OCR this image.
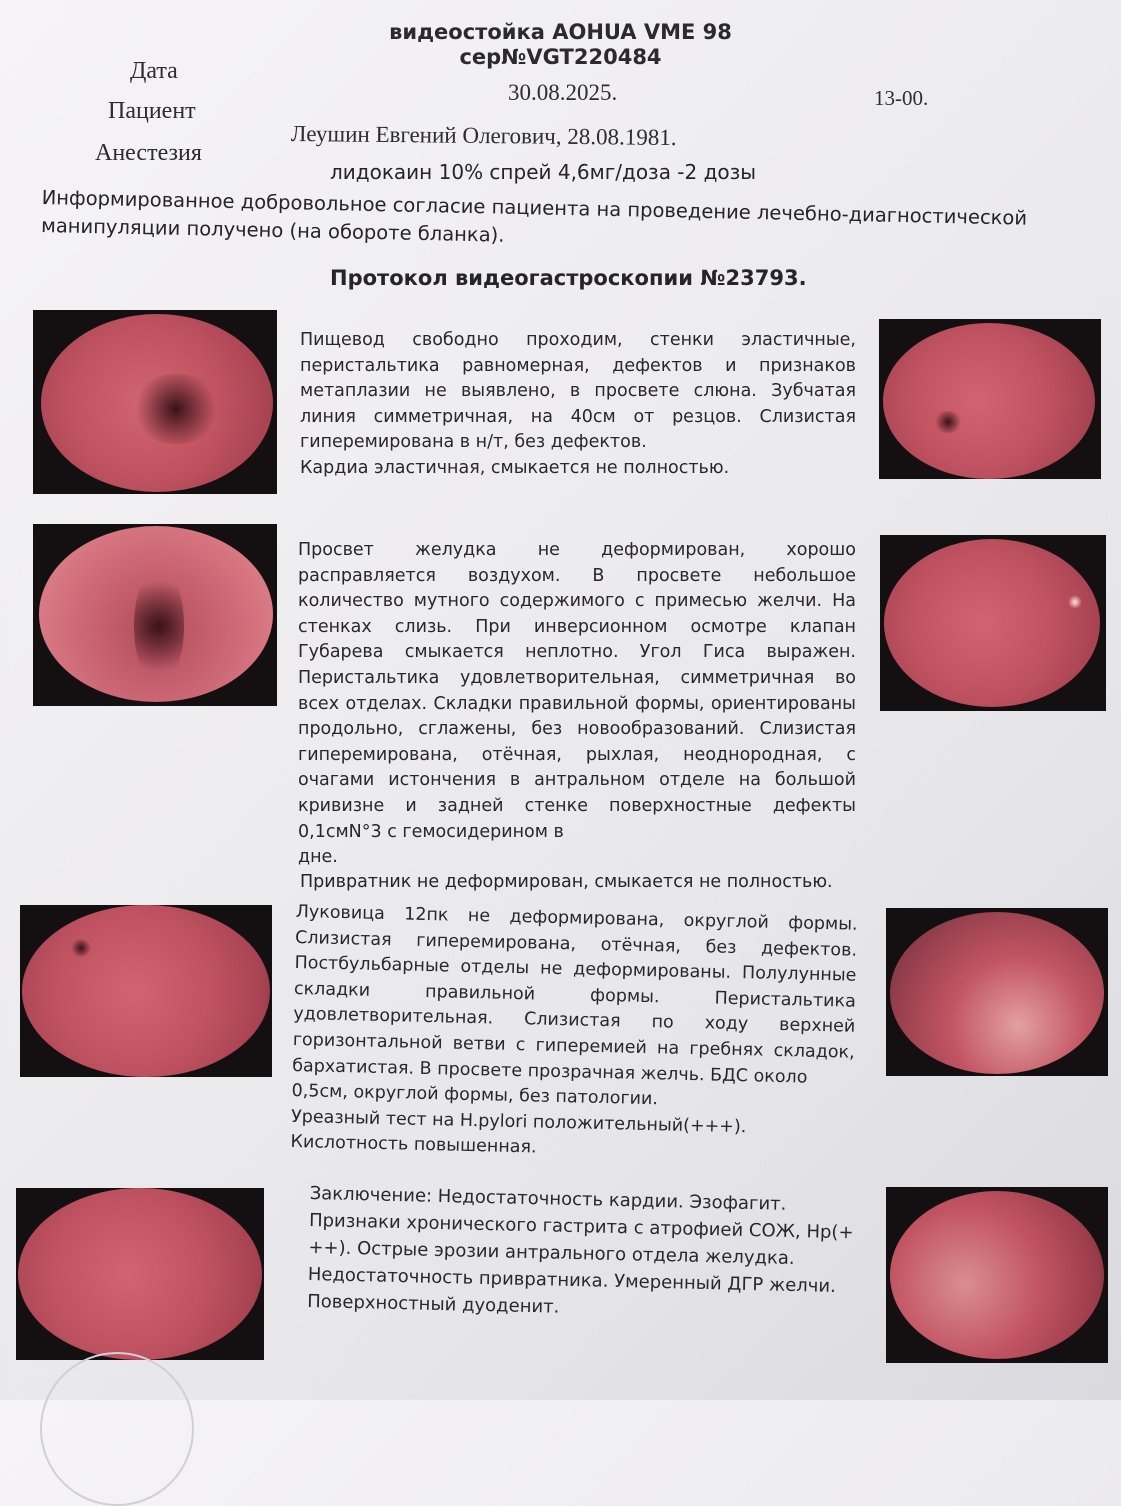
видеостойка AOHUA VME 98
сер№VGT220484
Дата
30.08.2025.	13-00.
Пациент
Леушин Евгений Олегович, 28.08.1981.
Анестезия
лидокаин 10% спрей 4,6мг/доза -2 дозы
Информированное добровольное согласие пациента на проведение лечебно-диагностической манипуляции получено (на обороте бланка).
Протокол видеогастроскопии №23793.
Пищевод свободно проходим, стенки эластичные, перистальтика равномерная, дефектов и признаков метаплазии не выявлено, в просвете слюна. Зубчатая линия симметричная, на 40см от резцов. Слизистая гиперемирована в н/т, без дефектов.
Кардиа эластичная, смыкается не полностью.
Просвет желудка не деформирован, хорошо расправляется воздухом. В просвете небольшое количество мутного содержимого с примесью желчи. На стенках слизь. При инверсионном осмотре клапан Губарева смыкается неплотно. Угол Гиса выражен. Перистальтика удовлетворительная, симметричная во всех отделах. Складки правильной формы, ориентированы продольно, сглажены, без новообразований. Слизистая гиперемирована, отёчная, рыхлая, неоднородная, с очагами истончения в антральном отделе на большой кривизне и задней стенке поверхностные дефекты 0,1смN°3 с гемосидерином в
дне.
Привратник не деформирован, смыкается не полностью.
Луковица 12пк не деформирована, округлой формы. Слизистая гиперемирована, отёчная, без дефектов. Постбульбарные отделы не деформированы. Полулунные складки правильной формы. Перистальтика удовлетворительная. Слизистая по ходу верхней горизонтальной ветви с гиперемией на гребнях складок, бархатистая. В просвете прозрачная желчь. БДС около
0,5см, округлой формы, без патологии.
Уреазный тест на H.pylori положительный(+++).
Кислотность повышенная.
Заключение: Недостаточность кардии. Эзофагит.
Признаки хронического гастрита с атрофией СОЖ, Hp(+
++). Острые эрозии антрального отдела желудка.
Недостаточность привратника. Умеренный ДГР желчи.
Поверхностный дуоденит.
